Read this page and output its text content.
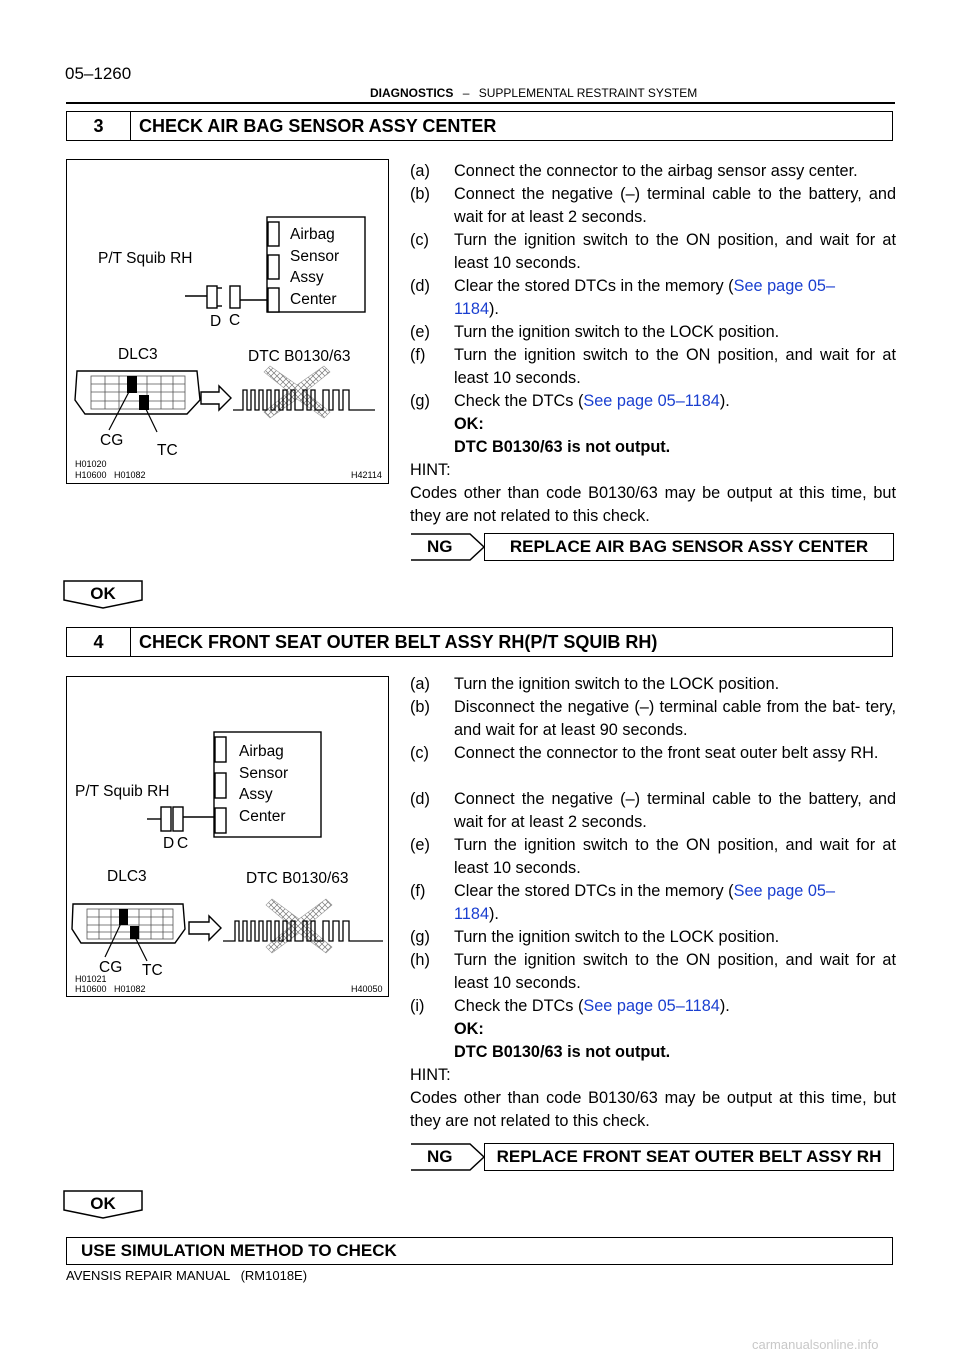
05–1260
DIAGNOSTICS – SUPPLEMENTAL RESTRAINT SYSTEM
3	CHECK AIR BAG SENSOR ASSY CENTER
P/T Squib RH
Airbag
Sensor
Assy
Center
D C
DLC3	DTC B0130/63
CG
TC
H01020
H10600   H01082	H42114
(a) Connect the connector to the airbag sensor assy center.
(b) Connect the negative (–) terminal cable to the battery, and wait for at least 2 seconds.
(c) Turn the ignition switch to the ON position, and wait for at least 10 seconds.
(d) Clear the stored DTCs in the memory (See page 05–1184).
(e) Turn the ignition switch to the LOCK position.
(f) Turn the ignition switch to the ON position, and wait for at least 10 seconds.
(g) Check the DTCs (See page 05–1184).
OK:
DTC B0130/63 is not output.

HINT:

Codes other than code B0130/63 may be output at this time, but they are not related to this check.

NG	REPLACE AIR BAG SENSOR ASSY CENTER
OK
4	CHECK FRONT SEAT OUTER BELT ASSY RH(P/T SQUIB RH)
P/T Squib RH
Airbag
Sensor
Assy
Center
D C
DLC3	DTC B0130/63
CG TC
H01021
H10600   H01082	H40050
(a) Turn the ignition switch to the LOCK position.
(b) Disconnect the negative (–) terminal cable from the bat- tery, and wait for at least 90 seconds.
(c) Connect the connector to the front seat outer belt assy RH.
(d) Connect the negative (–) terminal cable to the battery, and wait for at least 2 seconds.
(e) Turn the ignition switch to the ON position, and wait for at least 10 seconds.
(f) Clear the stored DTCs in the memory (See page 05–1184).
(g) Turn the ignition switch to the LOCK position.
(h) Turn the ignition switch to the ON position, and wait for at least 10 seconds.
(i) Check the DTCs (See page 05–1184).
OK:
DTC B0130/63 is not output.

HINT:

Codes other than code B0130/63 may be output at this time, but they are not related to this check.

NG	REPLACE FRONT SEAT OUTER BELT ASSY RH
OK
USE SIMULATION METHOD TO CHECK
AVENSIS REPAIR MANUAL   (RM1018E)
carmanualsonline.info
